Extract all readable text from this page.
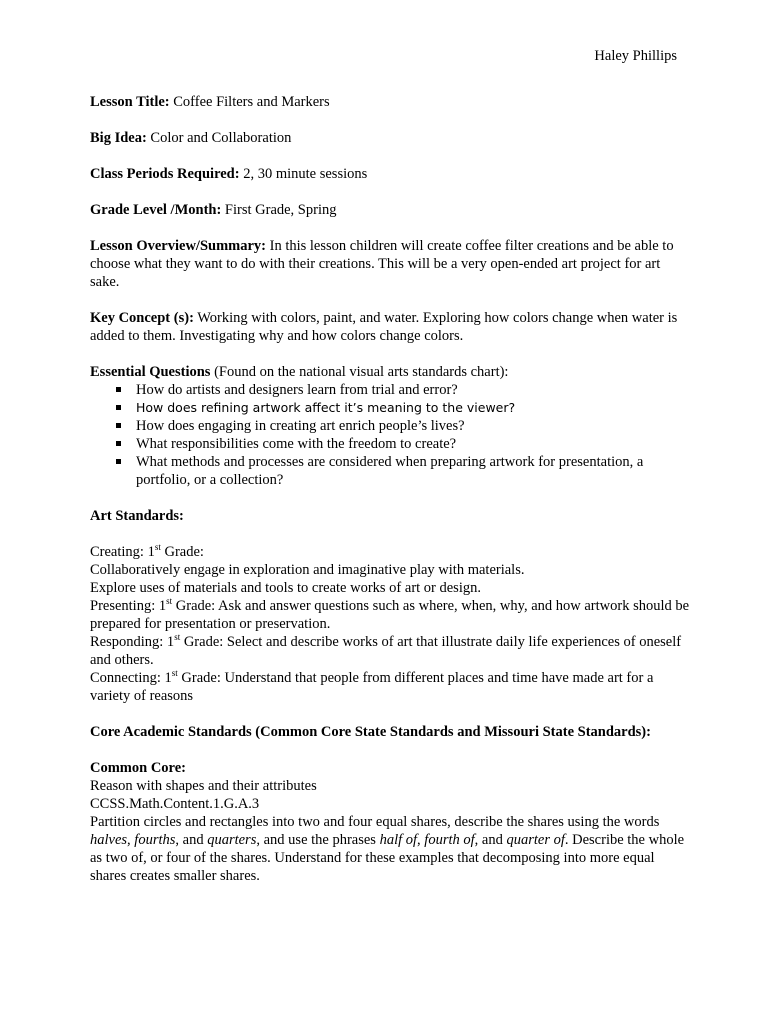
Haley Phillips

Lesson Title: Coffee Filters and Markers

Big Idea: Color and Collaboration

Class Periods Required: 2, 30 minute sessions

Grade Level /Month: First Grade, Spring

Lesson Overview/Summary: In this lesson children will create coffee filter creations and be able to choose what they want to do with their creations. This will be a very open-ended art project for art sake.

Key Concept (s): Working with colors, paint, and water. Exploring how colors change when water is added to them. Investigating why and how colors change colors.

Essential Questions (Found on the national visual arts standards chart):

How do artists and designers learn from trial and error?
How does refining artwork affect it’s meaning to the viewer?
How does engaging in creating art enrich people’s lives?
What responsibilities come with the freedom to create?
What methods and processes are considered when preparing artwork for presentation, a portfolio, or a collection?

Art Standards:

Creating: 1st Grade:

Collaboratively engage in exploration and imaginative play with materials.

Explore uses of materials and tools to create works of art or design.

Presenting: 1st Grade: Ask and answer questions such as where, when, why, and how artwork should be prepared for presentation or preservation.

Responding: 1st Grade: Select and describe works of art that illustrate daily life experiences of oneself and others.

Connecting: 1st Grade: Understand that people from different places and time have made art for a variety of reasons

Core Academic Standards (Common Core State Standards and Missouri State Standards):

Common Core:

Reason with shapes and their attributes

CCSS.Math.Content.1.G.A.3

Partition circles and rectangles into two and four equal shares, describe the shares using the words halves, fourths, and quarters, and use the phrases half of, fourth of, and quarter of. Describe the whole as two of, or four of the shares. Understand for these examples that decomposing into more equal shares creates smaller shares.
